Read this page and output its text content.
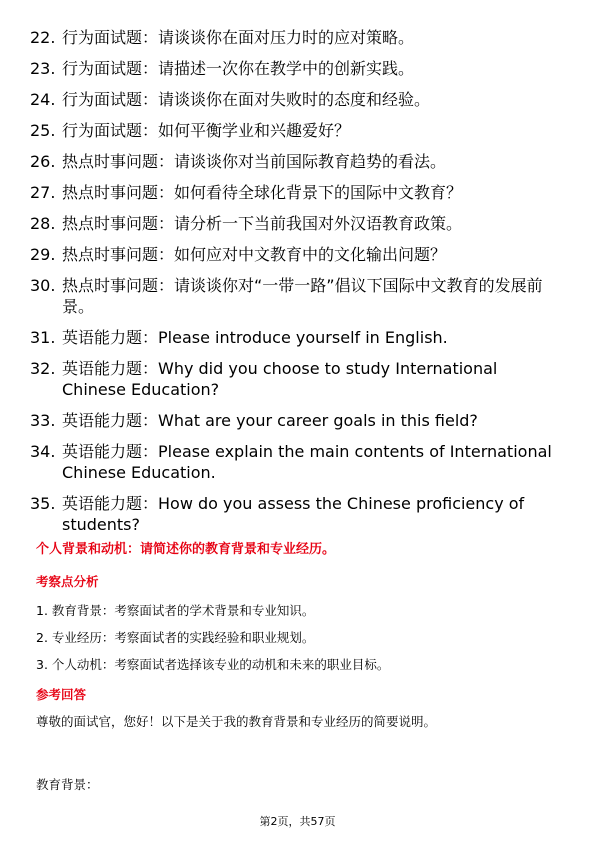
22. 行为面试题：请谈谈你在面对压力时的应对策略。
23. 行为面试题：请描述一次你在教学中的创新实践。
24. 行为面试题：请谈谈你在面对失败时的态度和经验。
25. 行为面试题：如何平衡学业和兴趣爱好？
26. 热点时事问题：请谈谈你对当前国际教育趋势的看法。
27. 热点时事问题：如何看待全球化背景下的国际中文教育？
28. 热点时事问题：请分析一下当前我国对外汉语教育政策。
29. 热点时事问题：如何应对中文教育中的文化输出问题？
30. 热点时事问题：请谈谈你对“一带一路”倡议下国际中文教育的发展前景。
31. 英语能力题：Please introduce yourself in English.
32. 英语能力题：Why did you choose to study International Chinese Education?
33. 英语能力题：What are your career goals in this field?
34. 英语能力题：Please explain the main contents of International Chinese Education.
35. 英语能力题：How do you assess the Chinese proficiency of students?

个人背景和动机：请简述你的教育背景和专业经历。

考察点分析

1. 教育背景：考察面试者的学术背景和专业知识。
2. 专业经历：考察面试者的实践经验和职业规划。
3. 个人动机：考察面试者选择该专业的动机和未来的职业目标。

参考回答

尊敬的面试官，您好！以下是关于我的教育背景和专业经历的简要说明。

教育背景：

第2页，共57页
